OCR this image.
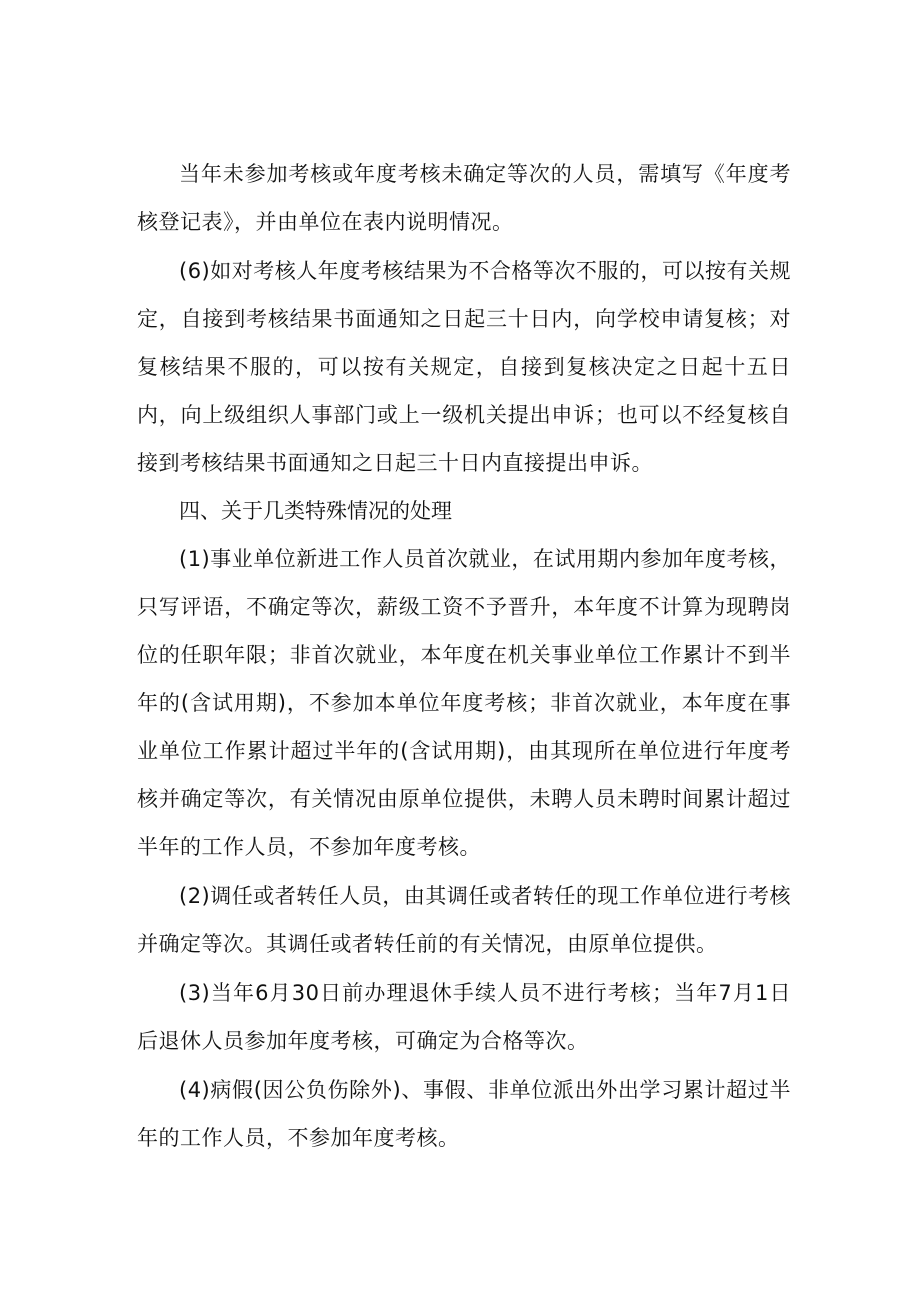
当年未参加考核或年度考核未确定等次的人员，需填写《年度考核登记表》，并由单位在表内说明情况。

(6)如对考核人年度考核结果为不合格等次不服的，可以按有关规定，自接到考核结果书面通知之日起三十日内，向学校申请复核；对复核结果不服的，可以按有关规定，自接到复核决定之日起十五日内，向上级组织人事部门或上一级机关提出申诉；也可以不经复核自接到考核结果书面通知之日起三十日内直接提出申诉。

四、关于几类特殊情况的处理

(1)事业单位新进工作人员首次就业，在试用期内参加年度考核，只写评语，不确定等次，薪级工资不予晋升，本年度不计算为现聘岗位的任职年限；非首次就业，本年度在机关事业单位工作累计不到半年的(含试用期)，不参加本单位年度考核；非首次就业，本年度在事业单位工作累计超过半年的(含试用期)，由其现所在单位进行年度考核并确定等次，有关情况由原单位提供，未聘人员未聘时间累计超过半年的工作人员，不参加年度考核。

(2)调任或者转任人员，由其调任或者转任的现工作单位进行考核并确定等次。其调任或者转任前的有关情况，由原单位提供。

(3)当年6月30日前办理退休手续人员不进行考核；当年7月1日后退休人员参加年度考核，可确定为合格等次。

(4)病假(因公负伤除外)、事假、非单位派出外出学习累计超过半年的工作人员，不参加年度考核。
